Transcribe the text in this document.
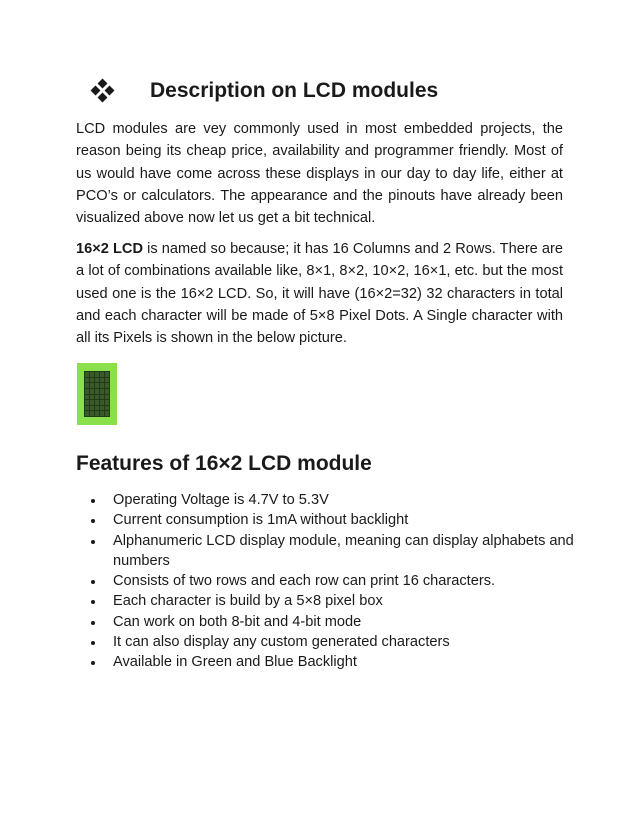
Description on LCD modules

LCD modules are vey commonly used in most embedded projects, the reason being its cheap price, availability and programmer friendly. Most of us would have come across these displays in our day to day life, either at PCO’s or calculators. The appearance and the pinouts have already been visualized above now let us get a bit technical.

16×2 LCD is named so because; it has 16 Columns and 2 Rows. There are a lot of combinations available like, 8×1, 8×2, 10×2, 16×1, etc. but the most used one is the 16×2 LCD. So, it will have (16×2=32) 32 characters in total and each character will be made of 5×8 Pixel Dots. A Single character with all its Pixels is shown in the below picture.

Features of 16×2 LCD module
Operating Voltage is 4.7V to 5.3V
Current consumption is 1mA without backlight
Alphanumeric LCD display module, meaning can display alphabets and numbers
Consists of two rows and each row can print 16 characters.
Each character is build by a 5×8 pixel box
Can work on both 8-bit and 4-bit mode
It can also display any custom generated characters
Available in Green and Blue Backlight
